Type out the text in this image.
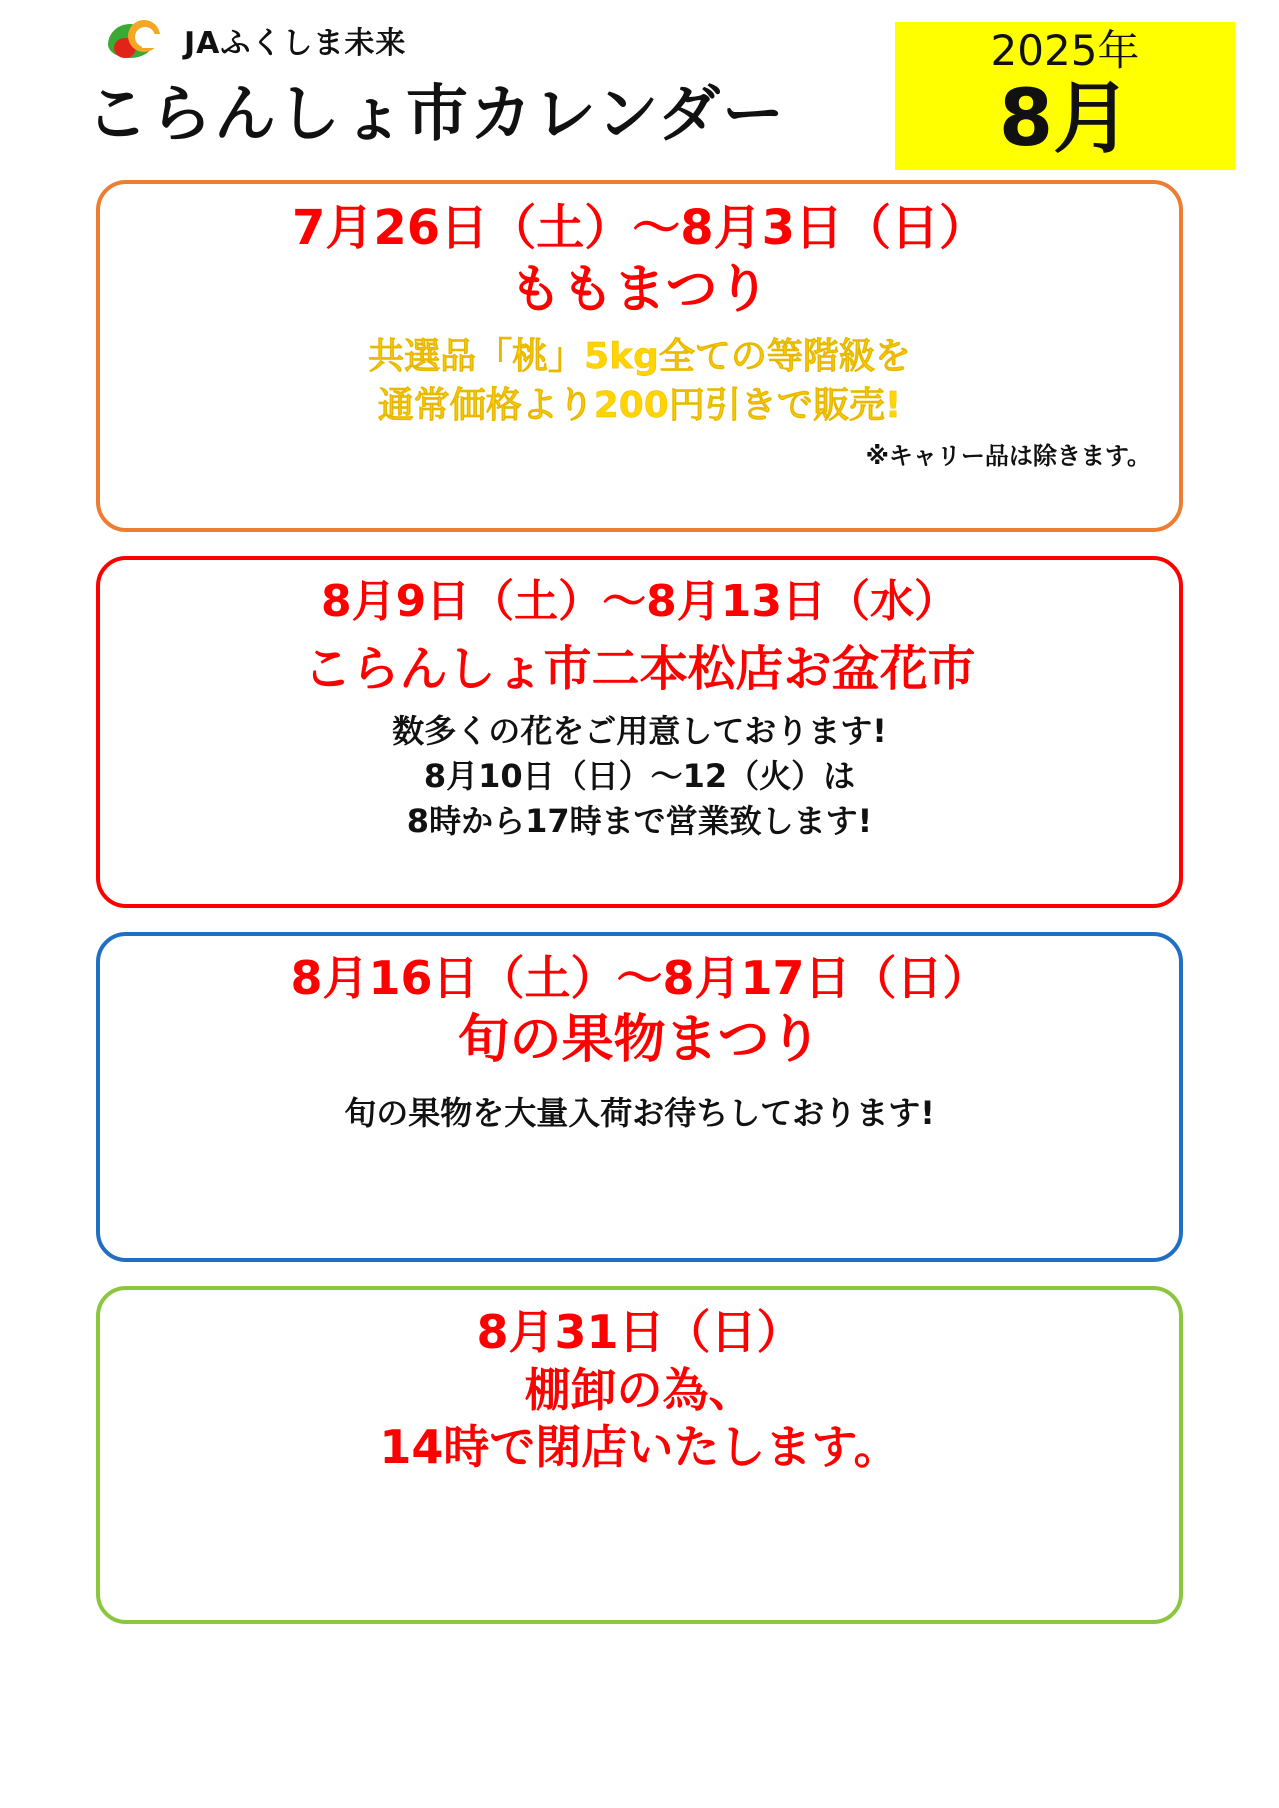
JAふくしま未来
こらんしょ市カレンダー
2025年
8月
7月26日（土）〜8月3日（日）
ももまつり
共選品「桃」5kg全ての等階級を
通常価格より200円引きで販売!
※キャリー品は除きます。
8月9日（土）〜8月13日（水）
こらんしょ市二本松店お盆花市
数多くの花をご用意しております!
8月10日（日）〜12（火）は
8時から17時まで営業致します!
8月16日（土）〜8月17日（日）
旬の果物まつり
旬の果物を大量入荷お待ちしております!
8月31日（日）
棚卸の為、
14時で閉店いたします。
